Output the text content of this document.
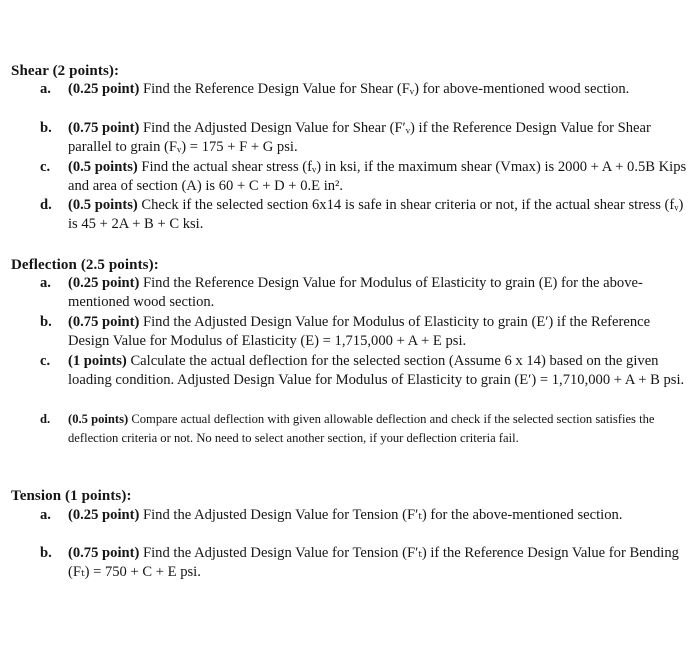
Shear (2 points):
a.	(0.25 point) Find the Reference Design Value for Shear (Fᵥ) for above-mentioned wood section.
b.	(0.75 point) Find the Adjusted Design Value for Shear (F′ᵥ) if the Reference Design Value for Shear parallel to grain (Fᵥ) = 175 + F + G psi.
c.	(0.5 points) Find the actual shear stress (fᵥ) in ksi, if the maximum shear (Vmax) is 2000 + A + 0.5B Kips and area of section (A) is 60 + C + D + 0.E in².
d.	(0.5 points) Check if the selected section 6x14 is safe in shear criteria or not, if the actual shear stress (fᵥ) is 45 + 2A + B + C ksi.
Deflection (2.5 points):
a.	(0.25 point) Find the Reference Design Value for Modulus of Elasticity to grain (E) for the above-mentioned wood section.
b.	(0.75 point) Find the Adjusted Design Value for Modulus of Elasticity to grain (E′) if the Reference Design Value for Modulus of Elasticity (E) = 1,715,000 + A + E psi.
c.	(1 points) Calculate the actual deflection for the selected section (Assume 6 x 14) based on the given loading condition. Adjusted Design Value for Modulus of Elasticity to grain (E′) = 1,710,000 + A + B psi.
d.	(0.5 points) Compare actual deflection with given allowable deflection and check if the selected section satisfies the deflection criteria or not. No need to select another section, if your deflection criteria fail.
Tension (1 points):
a.	(0.25 point) Find the Adjusted Design Value for Tension (F′ₜ) for the above-mentioned section.
b.	(0.75 point) Find the Adjusted Design Value for Tension (F′ₜ) if the Reference Design Value for Bending (Fₜ) = 750 + C + E psi.
